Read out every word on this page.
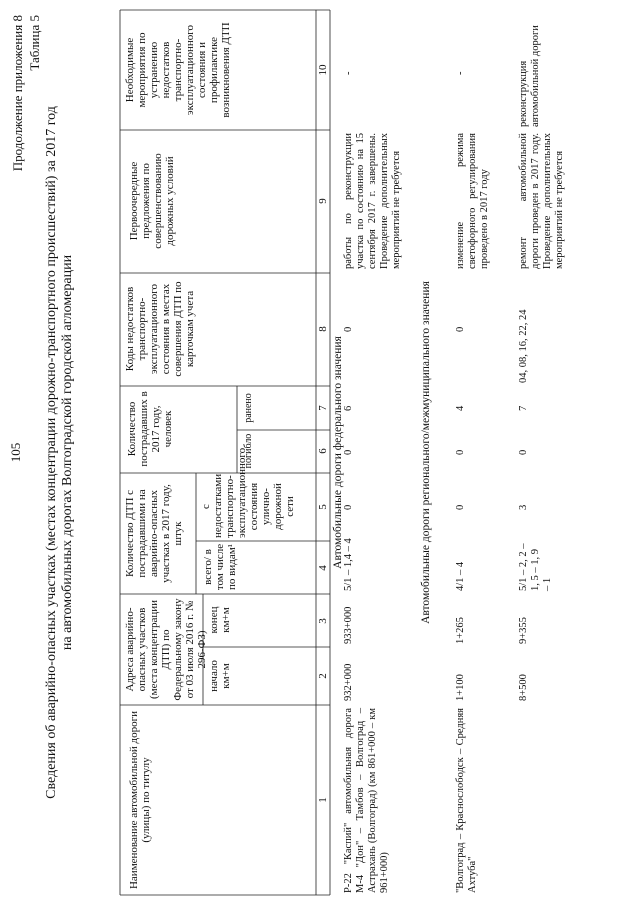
105
Продолжение приложения 8 Таблица 5
Сведения об аварийно-опасных участках (местах концентрации дорожно-транспортного происшествий) за 2017 год на автомобильных дорогах Волгоградской городской агломерации
Наименование автомобильной дороги (улицы) по титулу
Адреса аварийно-опасных участков (места концентрации ДТП) по Федеральному закону от 03 июля 2016 г. № 296-ФЗ)
начало км+м
конец км+м
Количество ДТП с пострадавшими на аварийно-опасных участках в 2017 году, штук
всего/ в том числе по видам¹
с недостатками транспортно-эксплуатационного состояния улично-дорожной сети
Количество пострадавших в 2017 году, человек
погибло
ранено
Коды недостатков транспортно-эксплуатационного состояния в местах совершения ДТП по карточкам учета
Первоочередные предложения по совершенствованию дорожных условий
Необходимые мероприятия по устранению недостатков транспортно-эксплуатационного состояния и профилактике возникновения ДТП
1
2
3
4
5
6
7
8
9
10
Автомобильные дороги федерального значения
Р-22 "Каспий" автомобильная дорога М-4 "Дон" – Тамбов – Волгоград – Астрахань (Волгоград) (км 861+000 – км 961+000)
932+000
933+000
5/1 – 1,4 – 4
0
0
6
0
работы по реконструкции участка по состоянию на 15 сентября 2017 г. завершены. Проведение дополнительных мероприятий не требуется
-
Автомобильные дороги регионального/межмуниципального значения
"Волгоград – Краснослободск – Средняя Ахтуба"
1+100
1+265
4/1 – 4
0
0
4
0
изменение режима светофорного регулирования проведено в 2017 году
-
8+500
9+355
5/1 – 2, 2 – 1, 5 – 1, 9 – 1
3
0
7
04, 08, 16, 22, 24
ремонт автомобильной дороги проведен в 2017 году. Проведение дополнительных мероприятий не требуется
реконструкция автомобильной дороги
